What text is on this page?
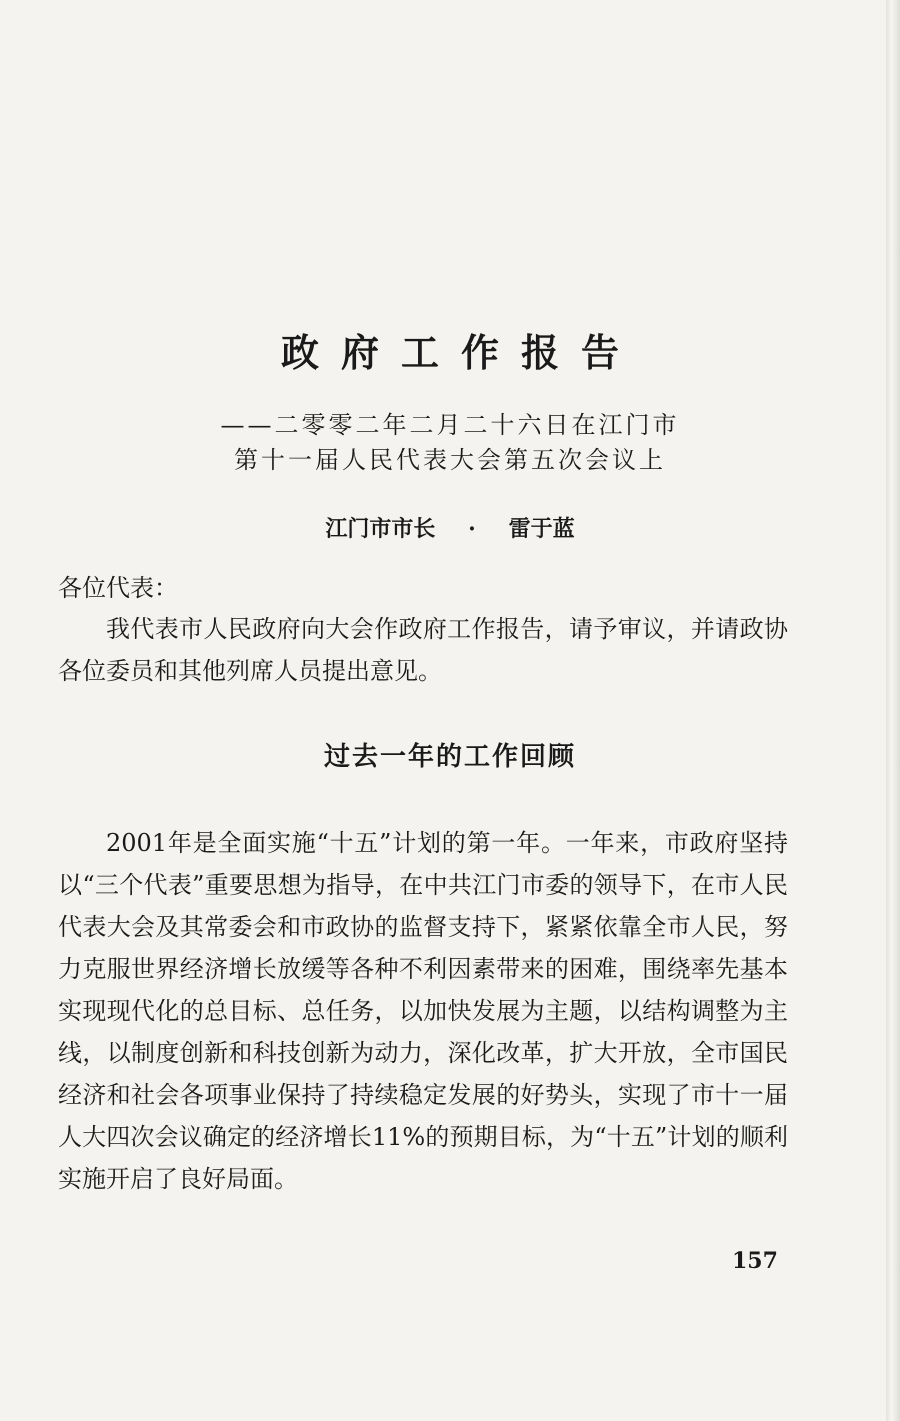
政府工作报告
——二零零二年二月二十六日在江门市
第十一届人民代表大会第五次会议上
江门市市长 · 雷于蓝
各位代表：

我代表市人民政府向大会作政府工作报告，请予审议，并请政协各位委员和其他列席人员提出意见。

过去一年的工作回顾

2001年是全面实施“十五”计划的第一年。一年来，市政府坚持以“三个代表”重要思想为指导，在中共江门市委的领导下，在市人民代表大会及其常委会和市政协的监督支持下，紧紧依靠全市人民，努力克服世界经济增长放缓等各种不利因素带来的困难，围绕率先基本实现现代化的总目标、总任务，以加快发展为主题，以结构调整为主线，以制度创新和科技创新为动力，深化改革，扩大开放，全市国民经济和社会各项事业保持了持续稳定发展的好势头，实现了市十一届人大四次会议确定的经济增长11%的预期目标，为“十五”计划的顺利实施开启了良好局面。

157
